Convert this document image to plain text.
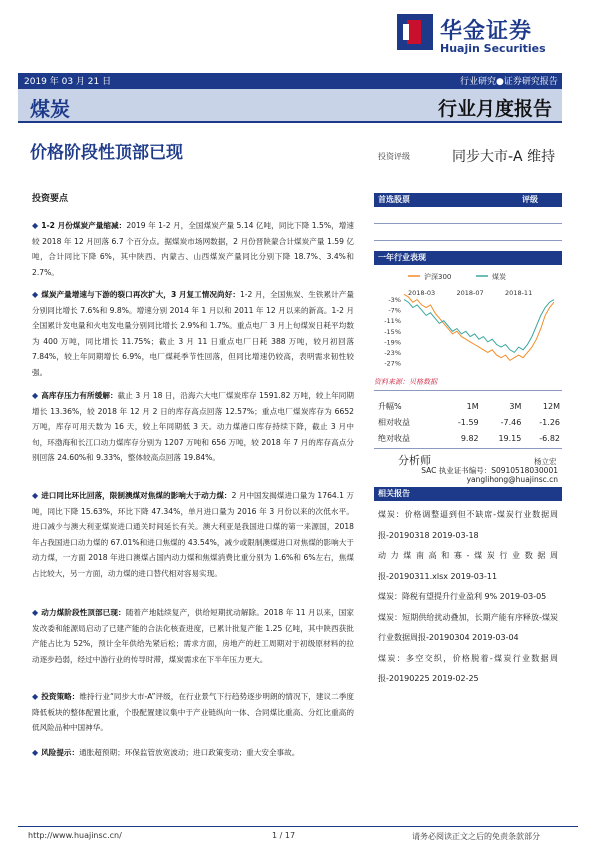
华金证券
Huajin Securities
2019 年 03 月 21 日	行业研究●证券研究报告
煤炭	行业月度报告
价格阶段性顶部已现	投资评级	同步大市-A 维持
投资要点
◆ 1-2 月份煤炭产量缩减：2019 年 1-2 月，全国煤炭产量 5.14 亿吨，同比下降 1.5%，增速较 2018 年 12 月回落 6.7 个百分点。据煤炭市场网数据，2 月份晋陕蒙合计煤炭产量 1.59 亿吨，合计同比下降 6%，其中陕西、内蒙古、山西煤炭产量同比分别下降 18.7%、3.4%和 2.7%。
◆ 煤炭产量增速与下游的裂口再次扩大，3 月复工情况尚好：1-2 月，全国焦炭、生铁累计产量分别同比增长 7.6%和 9.8%。增速分别 2014 年 1 月以和 2011 年 12 月以来的新高。1-2 月全国累计发电量和火电发电量分别同比增长 2.9%和 1.7%。重点电厂 3 月上旬煤炭日耗平均数为 400 万吨，同比增长 11.75%；截止 3 月 11 日重点电厂日耗 388 万吨，较月初回落 7.84%，较上年同期增长 6.9%，电厂煤耗季节性回落，但同比增速仍较高，表明需求韧性较强。
◆ 高库存压力有所缓解：截止 3 月 18 日，沿海六大电厂煤炭库存 1591.82 万吨，较上年同期增长 13.36%，较 2018 年 12 月 2 日的库存高点回落 12.57%；重点电厂煤炭库存为 6652 万吨，库存可用天数为 16 天，较上年同期低 3 天。动力煤港口库存持续下降，截止 3 月中旬，环渤海和长江口动力煤库存分别为 1207 万吨和 656 万吨，较 2018 年 7 月的库存高点分别回落 24.60%和 9.33%，整体较高点回落 19.84%。
◆ 进口同比环比回落，限制澳煤对焦煤的影响大于动力煤：2 月中国发揭煤进口量为 1764.1 万吨，同比下降 15.63%，环比下降 47.34%，单月进口量为 2016 年 3 月份以来的次低水平。进口减少与澳大利亚煤炭进口通关时间延长有关。澳大利亚是我国进口煤的第一来源国，2018 年占我国进口动力煤的 67.01%和进口焦煤的 43.54%，减少或限制澳煤进口对焦煤的影响大于动力煤，一方面 2018 年进口澳煤占国内动力煤和焦煤消费比重分别为 1.6%和 6%左右，焦煤占比较大，另一方面，动力煤的进口替代相对容易实现。
◆ 动力煤阶段性顶部已现：随着产地陆续复产，供给短期扰动解除。2018 年 11 月以来，国家发改委和能源局启动了已建产能的合法化核查进度，已累计批复产能 1.25 亿吨，其中陕西获批产能占比为 52%，预计全年供给先紧后松；需求方面，房地产的赶工周期对于初级原材料的拉动逐步趋弱，经过中游行业的传导时滞，煤炭需求在下半年压力更大。
◆ 投资策略：维持行业“同步大市-A”评级，在行业景气下行趋势逐步明朗的情况下，建议二季度降低板块的整体配置比重，个股配置建议集中于产业链纵向一体、合同煤比重高、分红比重高的低风险品种中国神华。
◆ 风险提示：通胀超预期；环保监管放宽波动；进口政策变动；重大安全事故。
首选股票	评级
一年行业表现
沪深300	煤炭
-3%
-7%
-11%
-15%
-19%
-23%
-27%
2018-03	2018-07	2018-11
资料来源：贝格数据
升幅%	1M	3M	12M
相对收益	-1.59	-7.46	-1.26
绝对收益	9.82	19.15	-6.82
分析师	杨立宏
SAC 执业证书编号：S0910518030001
yanglihong@huajinsc.cn
相关报告
煤炭：价格调整逼到但不缺席-煤炭行业数据周报-20190318 2019-03-18
动力煤南高和寡-煤炭行业数据周报-20190311.xlsx 2019-03-11
煤炭：降税有望提升行业盈利 9% 2019-03-05
煤炭：短期供给扰动叠加，长期产能有序释放-煤炭行业数据周报-20190304 2019-03-04
煤炭：多空交织，价格脱着-煤炭行业数据周报-20190225 2019-02-25
http://www.huajinsc.cn/	1 / 17	请务必阅读正文之后的免责条款部分
